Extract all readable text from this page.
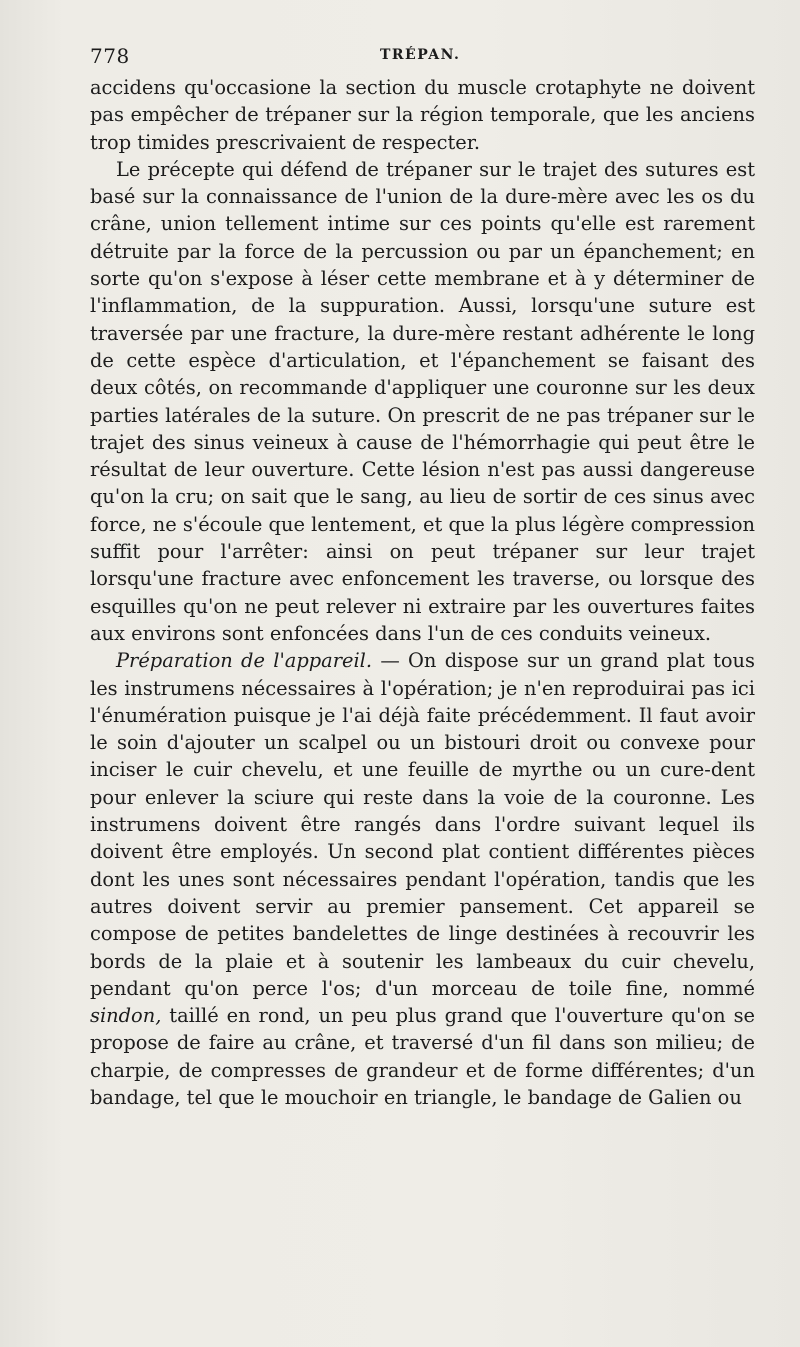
778	TRÉPAN.

accidens qu'occasione la section du muscle crotaphyte ne doivent pas empêcher de trépaner sur la région temporale, que les anciens trop timides prescrivaient de respecter.

Le précepte qui défend de trépaner sur le trajet des sutures est basé sur la connaissance de l'union de la dure-mère avec les os du crâne, union tellement intime sur ces points qu'elle est rarement détruite par la force de la percussion ou par un épanchement; en sorte qu'on s'expose à léser cette membrane et à y déterminer de l'inflammation, de la suppuration. Aussi, lorsqu'une suture est traversée par une fracture, la dure-mère restant adhérente le long de cette espèce d'articulation, et l'épanchement se faisant des deux côtés, on recommande d'appliquer une couronne sur les deux parties latérales de la suture. On prescrit de ne pas trépaner sur le trajet des sinus veineux à cause de l'hémorrhagie qui peut être le résultat de leur ouverture. Cette lésion n'est pas aussi dangereuse qu'on la cru; on sait que le sang, au lieu de sortir de ces sinus avec force, ne s'écoule que lentement, et que la plus légère compression suffit pour l'arrêter: ainsi on peut trépaner sur leur trajet lorsqu'une fracture avec enfoncement les traverse, ou lorsque des esquilles qu'on ne peut relever ni extraire par les ouvertures faites aux environs sont enfoncées dans l'un de ces conduits veineux.

Préparation de l'appareil. — On dispose sur un grand plat tous les instrumens nécessaires à l'opération; je n'en reproduirai pas ici l'énumération puisque je l'ai déjà faite précédemment. Il faut avoir le soin d'ajouter un scalpel ou un bistouri droit ou convexe pour inciser le cuir chevelu, et une feuille de myrthe ou un cure-dent pour enlever la sciure qui reste dans la voie de la couronne. Les instrumens doivent être rangés dans l'ordre suivant lequel ils doivent être employés. Un second plat contient différentes pièces dont les unes sont nécessaires pendant l'opération, tandis que les autres doivent servir au premier pansement. Cet appareil se compose de petites bandelettes de linge destinées à recouvrir les bords de la plaie et à soutenir les lambeaux du cuir chevelu, pendant qu'on perce l'os; d'un morceau de toile fine, nommé sindon, taillé en rond, un peu plus grand que l'ouverture qu'on se propose de faire au crâne, et traversé d'un fil dans son milieu; de charpie, de compresses de grandeur et de forme différentes; d'un bandage, tel que le mouchoir en triangle, le bandage de Galien ou
